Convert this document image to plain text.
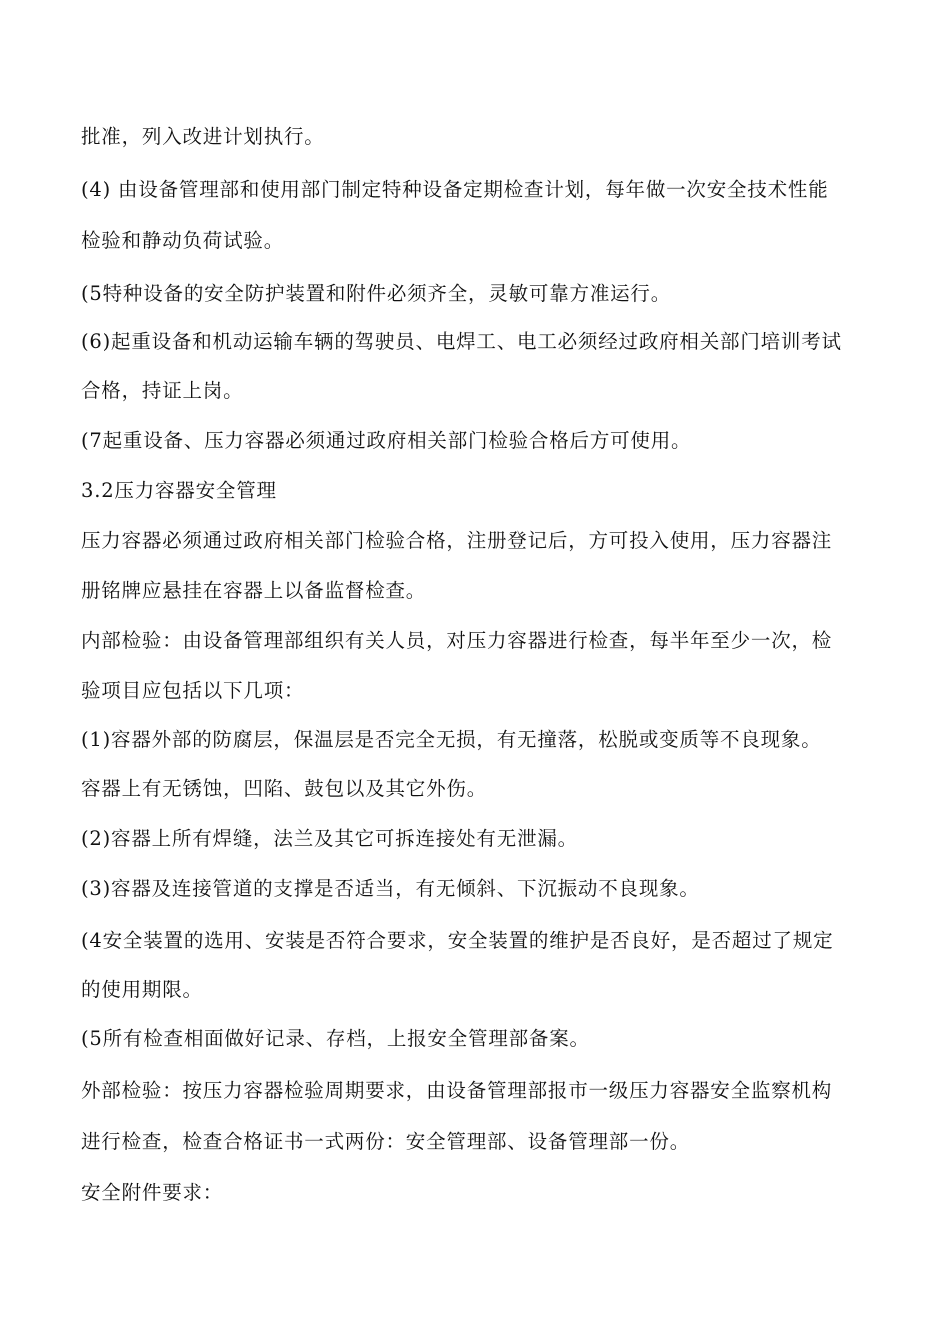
批准，列入改进计划执行。

(4) 由设备管理部和使用部门制定特种设备定期检查计划，每年做一次安全技术性能

检验和静动负荷试验。

(5特种设备的安全防护装置和附件必须齐全，灵敏可靠方准运行。

(6)起重设备和机动运输车辆的驾驶员、电焊工、电工必须经过政府相关部门培训考试

合格，持证上岗。

(7起重设备、压力容器必须通过政府相关部门检验合格后方可使用。

3.2压力容器安全管理

压力容器必须通过政府相关部门检验合格，注册登记后，方可投入使用，压力容器注

册铭牌应悬挂在容器上以备监督检查。

内部检验：由设备管理部组织有关人员，对压力容器进行检查，每半年至少一次，检

验项目应包括以下几项：

(1)容器外部的防腐层，保温层是否完全无损，有无撞落，松脱或变质等不良现象。

容器上有无锈蚀，凹陷、鼓包以及其它外伤。

(2)容器上所有焊缝，法兰及其它可拆连接处有无泄漏。

(3)容器及连接管道的支撑是否适当，有无倾斜、下沉振动不良现象。

(4安全装置的选用、安装是否符合要求，安全装置的维护是否良好，是否超过了规定

的使用期限。

(5所有检查相面做好记录、存档，上报安全管理部备案。

外部检验：按压力容器检验周期要求，由设备管理部报市一级压力容器安全监察机构

进行检查，检查合格证书一式两份：安全管理部、设备管理部一份。

安全附件要求：
